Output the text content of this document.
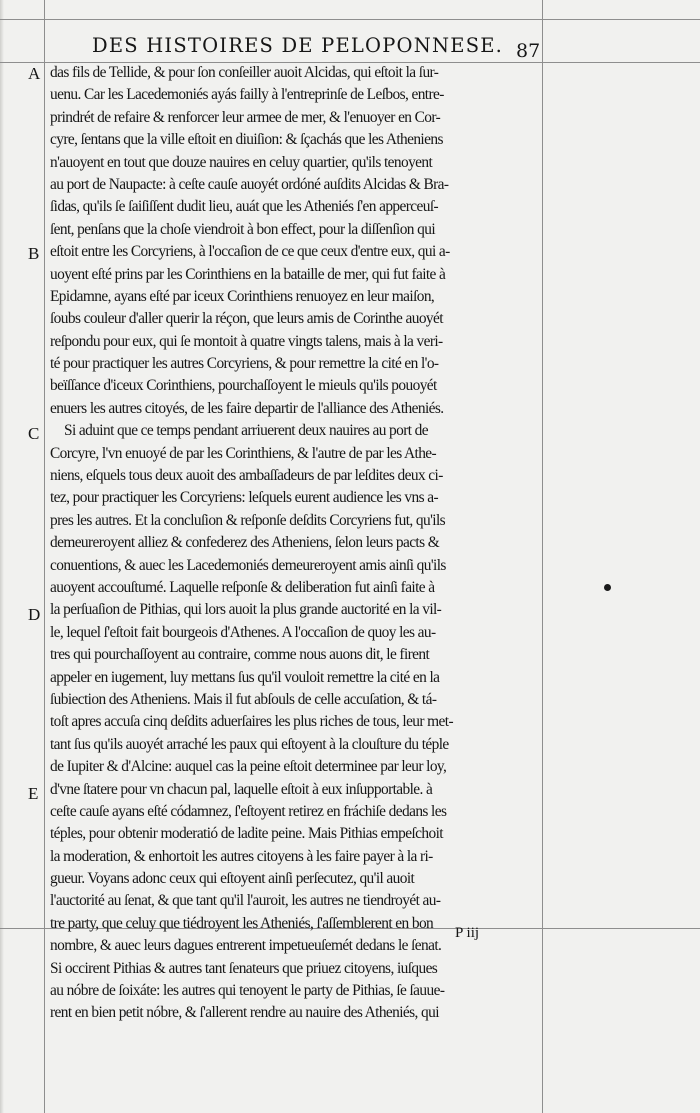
DES HISTOIRES DE PELOPONNESE. 87
A
B
C
D
E
das fils de Tellide, & pour ſon conſeiller auoit Alcidas, qui eſtoit la ſur-
uenu. Car les Lacedemoniés ayás failly à l'entreprinſe de Leſbos, entre-
prindrét de refaire & renforcer leur armee de mer, & l'enuoyer en Cor-
cyre, ſentans que la ville eſtoit en diuiſion: & ſçachás que les Atheniens
n'auoyent en tout que douze nauires en celuy quartier, qu'ils tenoyent
au port de Naupacte: à ceſte cauſe auoyét ordóné auſdits Alcidas & Bra-
ſidas, qu'ils ſe ſaiſiſſent dudit lieu, auát que les Atheniés ſ'en apperceuſ-
ſent, penſans que la choſe viendroit à bon effect, pour la diſſenſion qui
eſtoit entre les Corcyriens, à l'occaſion de ce que ceux d'entre eux, qui a-
uoyent eſté prins par les Corinthiens en la bataille de mer, qui fut faite à
Epidamne, ayans eſté par iceux Corinthiens renuoyez en leur maiſon,
ſoubs couleur d'aller querir la réçon, que leurs amis de Corinthe auoyét
reſpondu pour eux, qui ſe montoit à quatre vingts talens, mais à la veri-
té pour practiquer les autres Corcyriens, & pour remettre la cité en l'o-
beïſſance d'iceux Corinthiens, pourchaſſoyent le mieuls qu'ils pouoyét
enuers les autres citoyés, de les faire departir de l'alliance des Atheniés.
Si aduint que ce temps pendant arriuerent deux nauires au port de
Corcyre, l'vn enuoyé de par les Corinthiens, & l'autre de par les Athe-
niens, eſquels tous deux auoit des ambaſſadeurs de par leſdites deux ci-
tez, pour practiquer les Corcyriens: leſquels eurent audience les vns a-
pres les autres. Et la concluſion & reſponſe deſdits Corcyriens fut, qu'ils
demeureroyent alliez & confederez des Atheniens, ſelon leurs pacts &
conuentions, & auec les Lacedemoniés demeureroyent amis ainſi qu'ils
auoyent accouſtumé. Laquelle reſponſe & deliberation fut ainſi faite à
la perſuaſion de Pithias, qui lors auoit la plus grande auctorité en la vil-
le, lequel ſ'eſtoit fait bourgeois d'Athenes. A l'occaſion de quoy les au-
tres qui pourchaſſoyent au contraire, comme nous auons dit, le firent
appeler en iugement, luy mettans ſus qu'il vouloit remettre la cité en la
ſubiection des Atheniens. Mais il fut abſouls de celle accuſation, & tá-
toſt apres accuſa cinq deſdits aduerſaires les plus riches de tous, leur met-
tant ſus qu'ils auoyét arraché les paux qui eſtoyent à la clouſture du téple
de Iupiter & d'Alcine: auquel cas la peine eſtoit determinee par leur loy,
d'vne ſtatere pour vn chacun pal, laquelle eſtoit à eux inſupportable. à
ceſte cauſe ayans eſté códamnez, ſ'eſtoyent retirez en fráchiſe dedans les
téples, pour obtenir moderatió de ladite peine. Mais Pithias empeſchoit
la moderation, & enhortoit les autres citoyens à les faire payer à la ri-
gueur. Voyans adonc ceux qui eſtoyent ainſi perſecutez, qu'il auoit
l'auctorité au ſenat, & que tant qu'il l'auroit, les autres ne tiendroyét au-
tre party, que celuy que tiédroyent les Atheniés, ſ'aſſemblerent en bon
nombre, & auec leurs dagues entrerent impetueuſemét dedans le ſenat.
Si occirent Pithias & autres tant ſenateurs que priuez citoyens, iuſques
au nóbre de ſoixáte: les autres qui tenoyent le party de Pithias, ſe ſauue-
rent en bien petit nóbre, & ſ'allerent rendre au nauire des Atheniés, qui
P iij
